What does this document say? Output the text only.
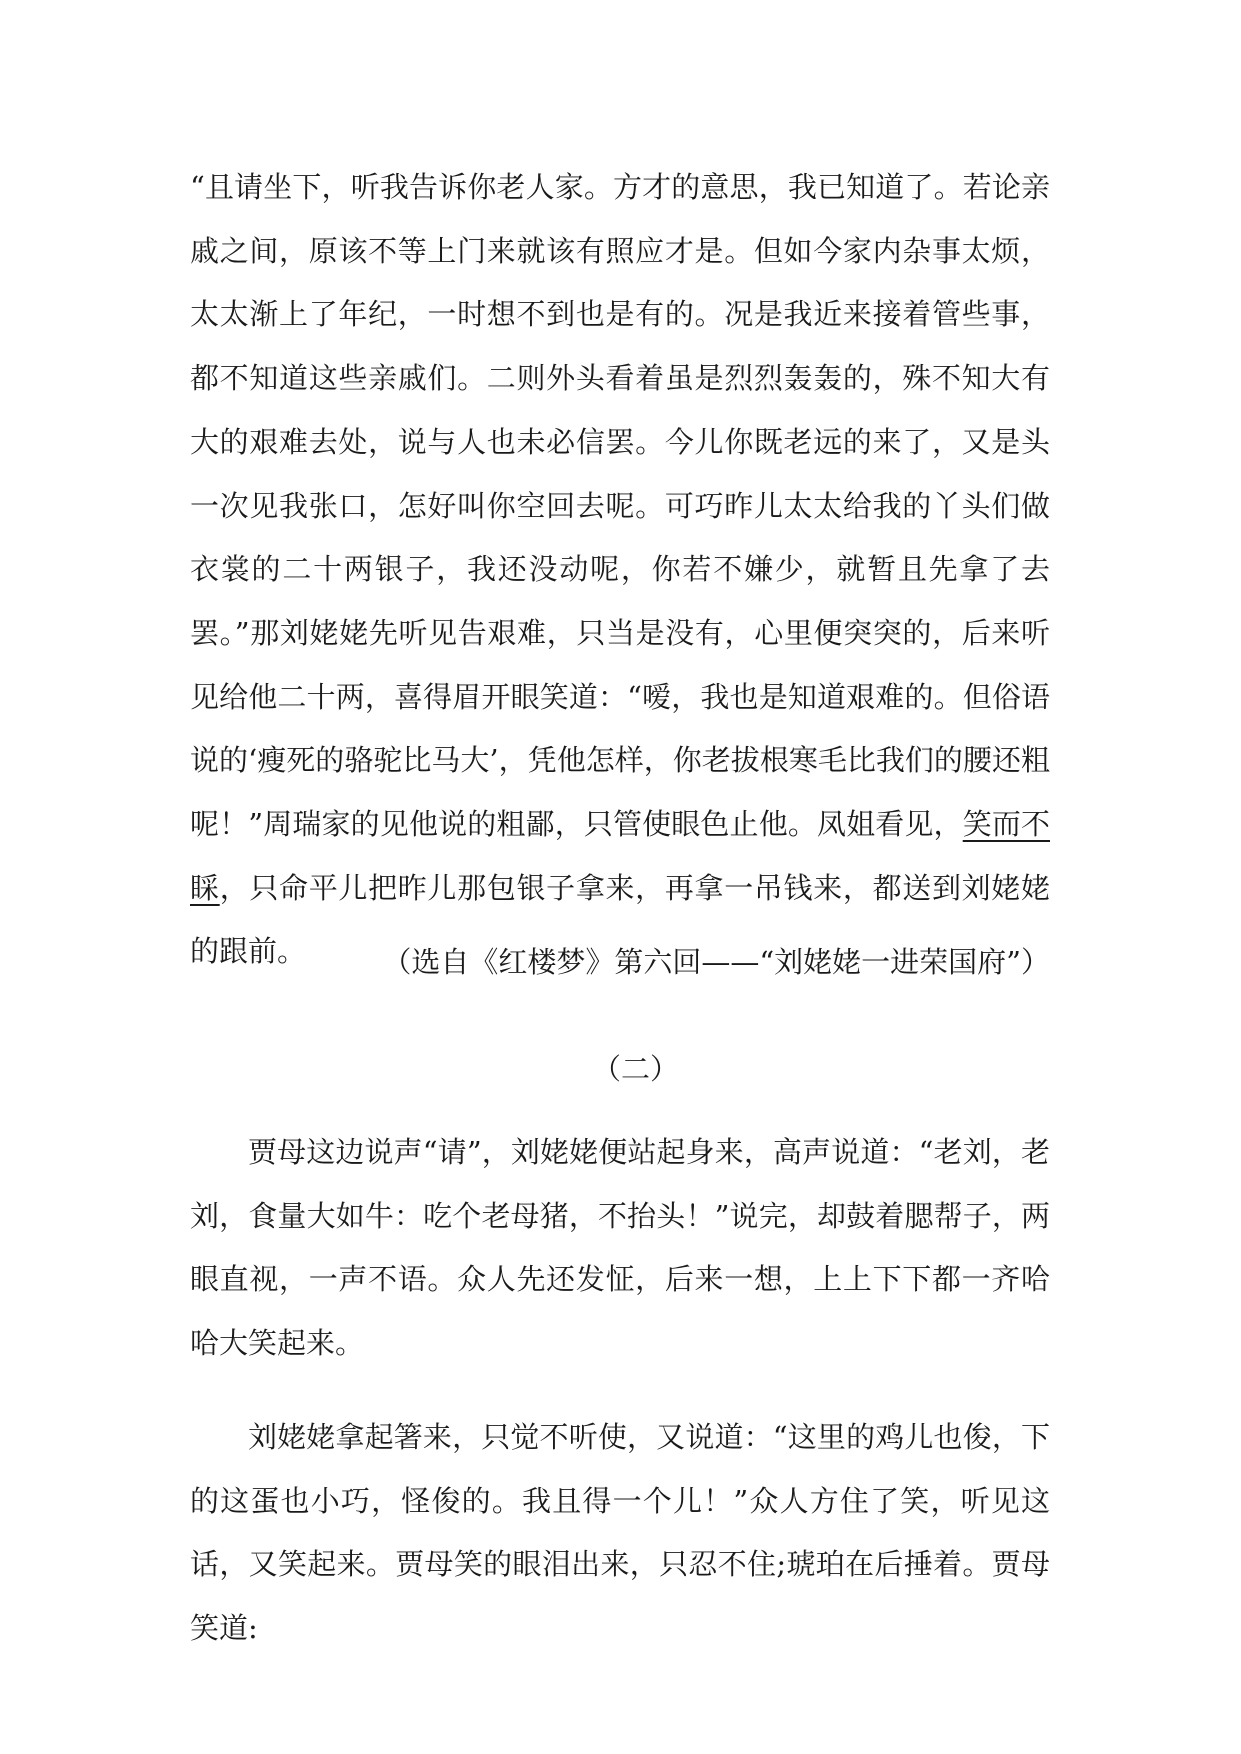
“且请坐下，听我告诉你老人家。方才的意思，我已知道了。若论亲戚之间，原该不等上门来就该有照应才是。但如今家内杂事太烦，太太渐上了年纪，一时想不到也是有的。况是我近来接着管些事，都不知道这些亲戚们。二则外头看着虽是烈烈轰轰的，殊不知大有大的艰难去处，说与人也未必信罢。今儿你既老远的来了，又是头一次见我张口，怎好叫你空回去呢。可巧昨儿太太给我的丫头们做衣裳的二十两银子，我还没动呢，你若不嫌少，就暂且先拿了去罢。”那刘姥姥先听见告艰难，只当是没有，心里便突突的，后来听见给他二十两，喜得眉开眼笑道：“嗳，我也是知道艰难的。但俗语说的‘瘦死的骆驼比马大’，凭他怎样，你老拔根寒毛比我们的腰还粗呢！”周瑞家的见他说的粗鄙，只管使眼色止他。凤姐看见，笑而不睬，只命平儿把昨儿那包银子拿来，再拿一吊钱来，都送到刘姥姥的跟前。	（选自《红楼梦》第六回——“刘姥姥一进荣国府”）

（二）

贾母这边说声“请”，刘姥姥便站起身来，高声说道：“老刘，老刘，食量大如牛：吃个老母猪，不抬头！”说完，却鼓着腮帮子，两眼直视，一声不语。众人先还发怔，后来一想，上上下下都一齐哈哈大笑起来。

刘姥姥拿起箸来，只觉不听使，又说道：“这里的鸡儿也俊，下的这蛋也小巧，怪俊的。我且得一个儿！”众人方住了笑，听见这话，又笑起来。贾母笑的眼泪出来，只忍不住;琥珀在后捶着。贾母笑道:
